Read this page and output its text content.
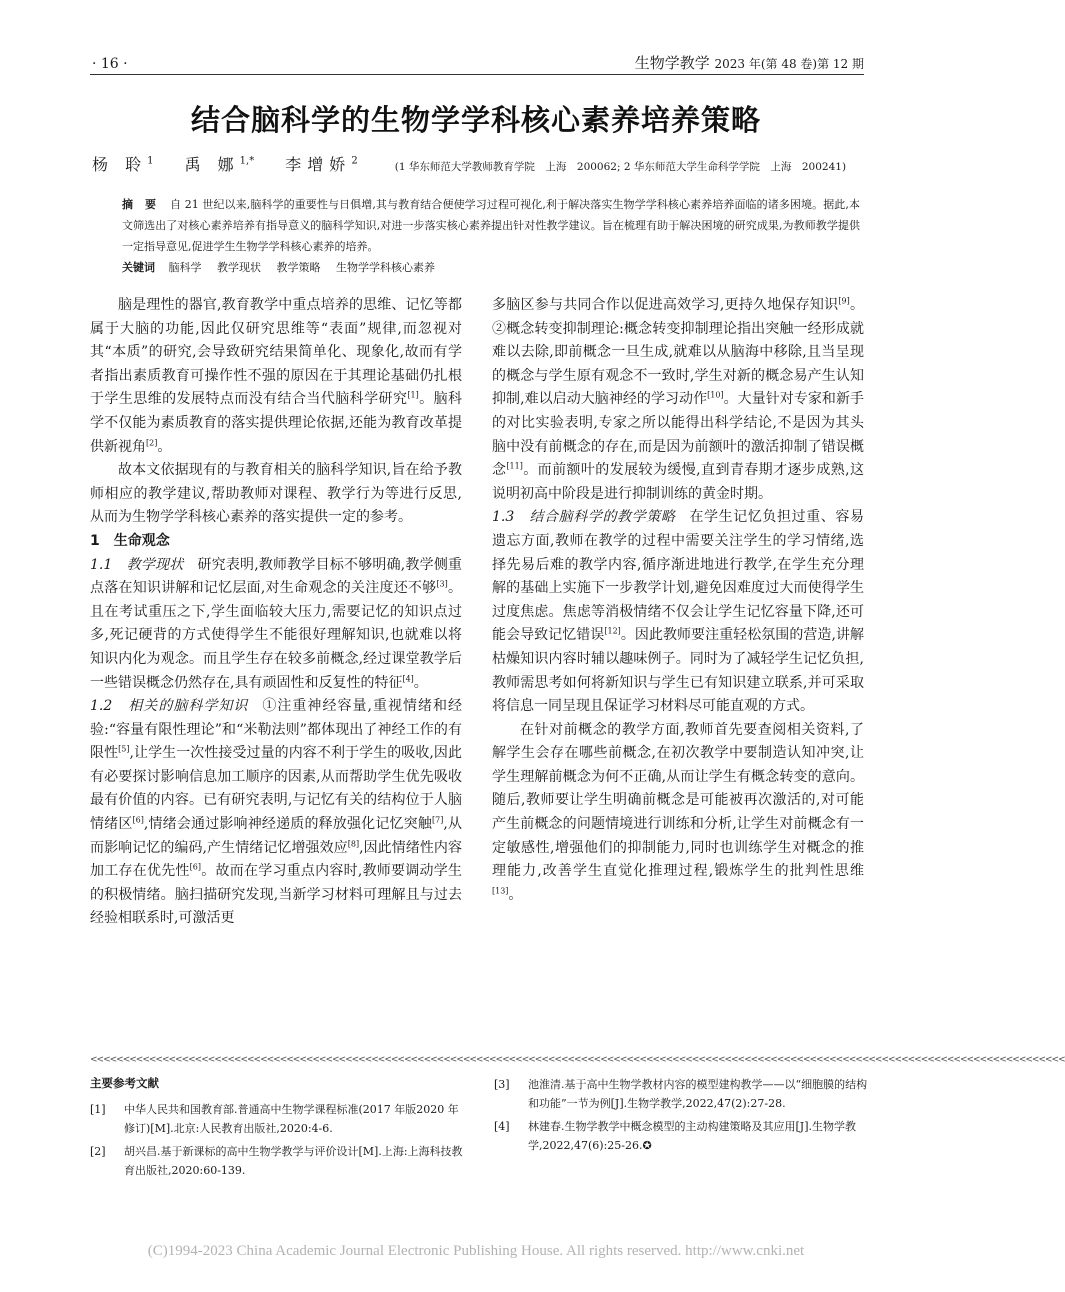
· 16 ·	生物学教学 2023 年(第 48 卷)第 12 期
结合脑科学的生物学学科核心素养培养策略
杨 聆$^1$ 禹 娜$^{1,*}$ 李增娇$^2$	(1 华东师范大学教师教育学院　上海　200062; 2 华东师范大学生命科学学院　上海　200241)
摘 要 自 21 世纪以来,脑科学的重要性与日俱增,其与教育结合便使学习过程可视化,利于解决落实生物学学科核心素养培养面临的诸多困境。据此,本文筛选出了对核心素养培养有指导意义的脑科学知识,对进一步落实核心素养提出针对性教学建议。旨在梳理有助于解决困境的研究成果,为教师教学提供一定指导意见,促进学生生物学学科核心素养的培养。
关键词 脑科学 教学现状 教学策略 生物学学科核心素养

脑是理性的器官,教育教学中重点培养的思维、记忆等都属于大脑的功能,因此仅研究思维等“表面”规律,而忽视对其“本质”的研究,会导致研究结果简单化、现象化,故而有学者指出素质教育可操作性不强的原因在于其理论基础仍扎根于学生思维的发展特点而没有结合当代脑科学研究[1]。脑科学不仅能为素质教育的落实提供理论依据,还能为教育改革提供新视角[2]。

故本文依据现有的与教育相关的脑科学知识,旨在给予教师相应的教学建议,帮助教师对课程、教学行为等进行反思,从而为生物学学科核心素养的落实提供一定的参考。

1　生命观念

1.1　教学现状 研究表明,教师教学目标不够明确,教学侧重点落在知识讲解和记忆层面,对生命观念的关注度还不够[3]。且在考试重压之下,学生面临较大压力,需要记忆的知识点过多,死记硬背的方式使得学生不能很好理解知识,也就难以将知识内化为观念。而且学生存在较多前概念,经过课堂教学后一些错误概念仍然存在,具有顽固性和反复性的特征[4]。

1.2　相关的脑科学知识 ①注重神经容量,重视情绪和经验:“容量有限性理论”和“米勒法则”都体现出了神经工作的有限性[5],让学生一次性接受过量的内容不利于学生的吸收,因此有必要探讨影响信息加工顺序的因素,从而帮助学生优先吸收最有价值的内容。已有研究表明,与记忆有关的结构位于人脑情绪区[6],情绪会通过影响神经递质的释放强化记忆突触[7],从而影响记忆的编码,产生情绪记忆增强效应[8],因此情绪性内容加工存在优先性[6]。故而在学习重点内容时,教师要调动学生的积极情绪。脑扫描研究发现,当新学习材料可理解且与过去经验相联系时,可激活更

多脑区参与共同合作以促进高效学习,更持久地保存知识[9]。②概念转变抑制理论:概念转变抑制理论指出突触一经形成就难以去除,即前概念一旦生成,就难以从脑海中移除,且当呈现的概念与学生原有观念不一致时,学生对新的概念易产生认知抑制,难以启动大脑神经的学习动作[10]。大量针对专家和新手的对比实验表明,专家之所以能得出科学结论,不是因为其头脑中没有前概念的存在,而是因为前额叶的激活抑制了错误概念[11]。而前额叶的发展较为缓慢,直到青春期才逐步成熟,这说明初高中阶段是进行抑制训练的黄金时期。

1.3　结合脑科学的教学策略 在学生记忆负担过重、容易遗忘方面,教师在教学的过程中需要关注学生的学习情绪,选择先易后难的教学内容,循序渐进地进行教学,在学生充分理解的基础上实施下一步教学计划,避免因难度过大而使得学生过度焦虑。焦虑等消极情绪不仅会让学生记忆容量下降,还可能会导致记忆错误[12]。因此教师要注重轻松氛围的营造,讲解枯燥知识内容时辅以趣味例子。同时为了减轻学生记忆负担,教师需思考如何将新知识与学生已有知识建立联系,并可采取将信息一同呈现且保证学习材料尽可能直观的方式。

在针对前概念的教学方面,教师首先要查阅相关资料,了解学生会存在哪些前概念,在初次教学中要制造认知冲突,让学生理解前概念为何不正确,从而让学生有概念转变的意向。随后,教师要让学生明确前概念是可能被再次激活的,对可能产生前概念的问题情境进行训练和分析,让学生对前概念有一定敏感性,增强他们的抑制能力,同时也训练学生对概念的推理能力,改善学生直觉化推理过程,锻炼学生的批判性思维[13]。

<<<<<<<<<<<<<<<<<<<<<<<<<<<<<<<<<<<<<<<<<<<<<<<<<<<<<<<<<<<<<<<<<<<<<<<<<<<<<<<<<<<<<<<<<<<<<<<<<<<<<<<<<<<<<<<<<<<<<<<<<<<<<<<<<<<<<<<<<<<<<<<<<<<<<
主要参考文献
[1] 中华人民共和国教育部.普通高中生物学课程标准(2017 年版2020 年修订)[M].北京:人民教育出版社,2020:4-6.
[2] 胡兴昌.基于新课标的高中生物学教学与评价设计[M].上海:上海科技教育出版社,2020:60-139.
[3] 池淮清.基于高中生物学教材内容的模型建构教学——以“细胞膜的结构和功能”一节为例[J].生物学教学,2022,47(2):27-28.
[4] 林建春.生物学教学中概念模型的主动构建策略及其应用[J].生物学教学,2022,47(6):25-26.✪
(C)1994-2023 China Academic Journal Electronic Publishing House. All rights reserved. http://www.cnki.net
